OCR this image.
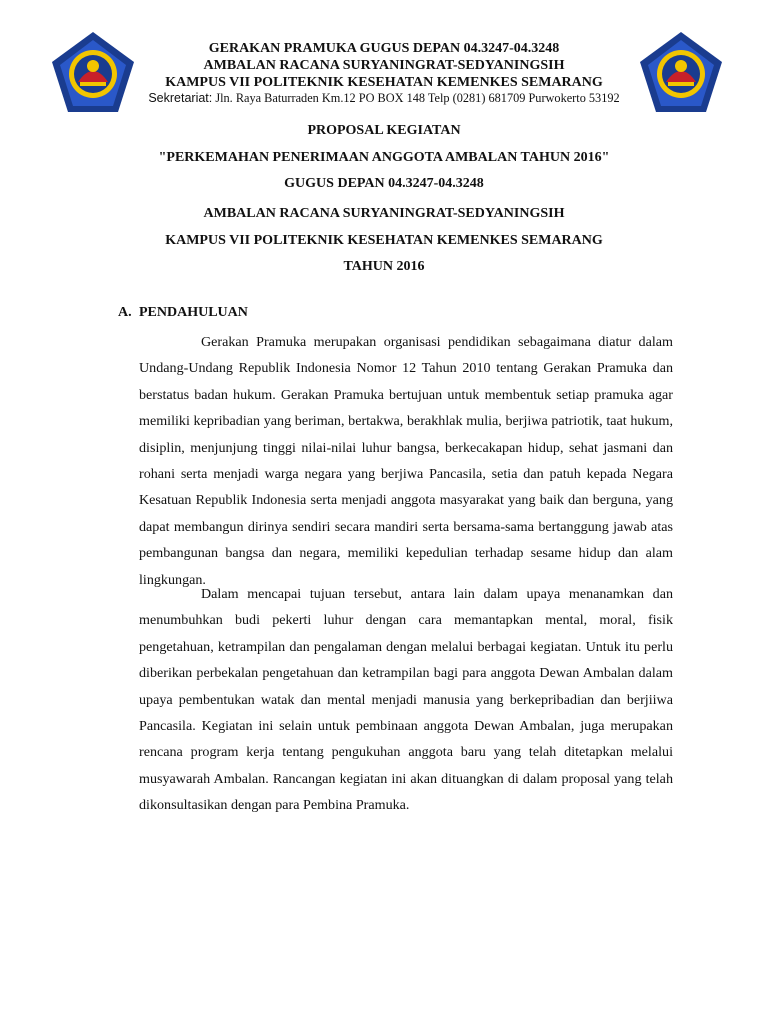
GERAKAN PRAMUKA GUGUS DEPAN 04.3247-04.3248
AMBALAN RACANA SURYANINGRAT-SEDYANINGSIH
KAMPUS VII POLITEKNIK KESEHATAN KEMENKES SEMARANG
Sekretariat: Jln. Raya Baturraden Km.12 PO BOX 148 Telp (0281) 681709 Purwokerto 53192
PROPOSAL KEGIATAN
"PERKEMAHAN PENERIMAAN ANGGOTA AMBALAN TAHUN 2016"
GUGUS DEPAN 04.3247-04.3248
AMBALAN RACANA SURYANINGRAT-SEDYANINGSIH
KAMPUS VII POLITEKNIK KESEHATAN KEMENKES SEMARANG
TAHUN 2016
A. PENDAHULUAN

Gerakan Pramuka merupakan organisasi pendidikan sebagaimana diatur dalam Undang-Undang Republik Indonesia Nomor 12 Tahun 2010 tentang Gerakan Pramuka dan berstatus badan hukum. Gerakan Pramuka bertujuan untuk membentuk setiap pramuka agar memiliki kepribadian yang beriman, bertakwa, berakhlak mulia, berjiwa patriotik, taat hukum, disiplin, menjunjung tinggi nilai-nilai luhur bangsa, berkecakapan hidup, sehat jasmani dan rohani serta menjadi warga negara yang berjiwa Pancasila, setia dan patuh kepada Negara Kesatuan Republik Indonesia serta menjadi anggota masyarakat yang baik dan berguna, yang dapat membangun dirinya sendiri secara mandiri serta bersama-sama bertanggung jawab atas pembangunan bangsa dan negara, memiliki kepedulian terhadap sesame hidup dan alam lingkungan.

Dalam mencapai tujuan tersebut, antara lain dalam upaya menanamkan dan menumbuhkan budi pekerti luhur dengan cara memantapkan mental, moral, fisik pengetahuan, ketrampilan dan pengalaman dengan melalui berbagai kegiatan. Untuk itu perlu diberikan perbekalan pengetahuan dan ketrampilan bagi para anggota Dewan Ambalan dalam upaya pembentukan watak dan mental menjadi manusia yang berkepribadian dan berjiiwa Pancasila. Kegiatan ini selain untuk pembinaan anggota Dewan Ambalan, juga merupakan rencana program kerja tentang pengukuhan anggota baru yang telah ditetapkan melalui musyawarah Ambalan. Rancangan kegiatan ini akan dituangkan di dalam proposal yang telah dikonsultasikan dengan para Pembina Pramuka.
